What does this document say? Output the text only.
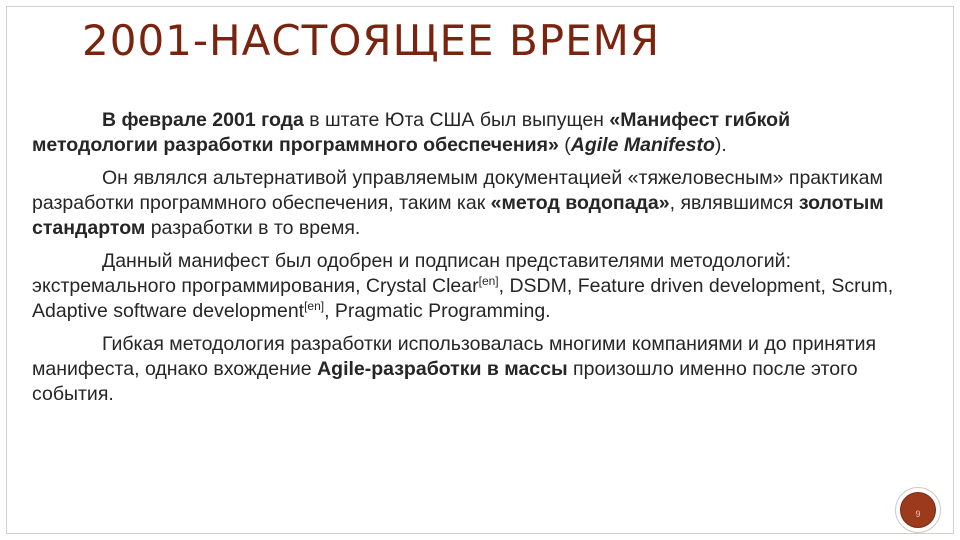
2001-НАСТОЯЩЕЕ ВРЕМЯ

В феврале 2001 года в штате Юта США был выпущен «Манифест гибкой методологии разработки программного обеспечения» (Agile Manifesto).

Он являлся альтернативой управляемым документацией «тяжеловесным» практикам разработки программного обеспечения, таким как «метод водопада», являвшимся золотым стандартом разработки в то время.

Данный манифест был одобрен и подписан представителями методологий: экстремального программирования, Crystal Clear[en], DSDM, Feature driven development, Scrum, Adaptive software development[en], Pragmatic Programming.

Гибкая методология разработки использовалась многими компаниями и до принятия манифеста, однако вхождение Agile-разработки в массы произошло именно после этого события.

9
